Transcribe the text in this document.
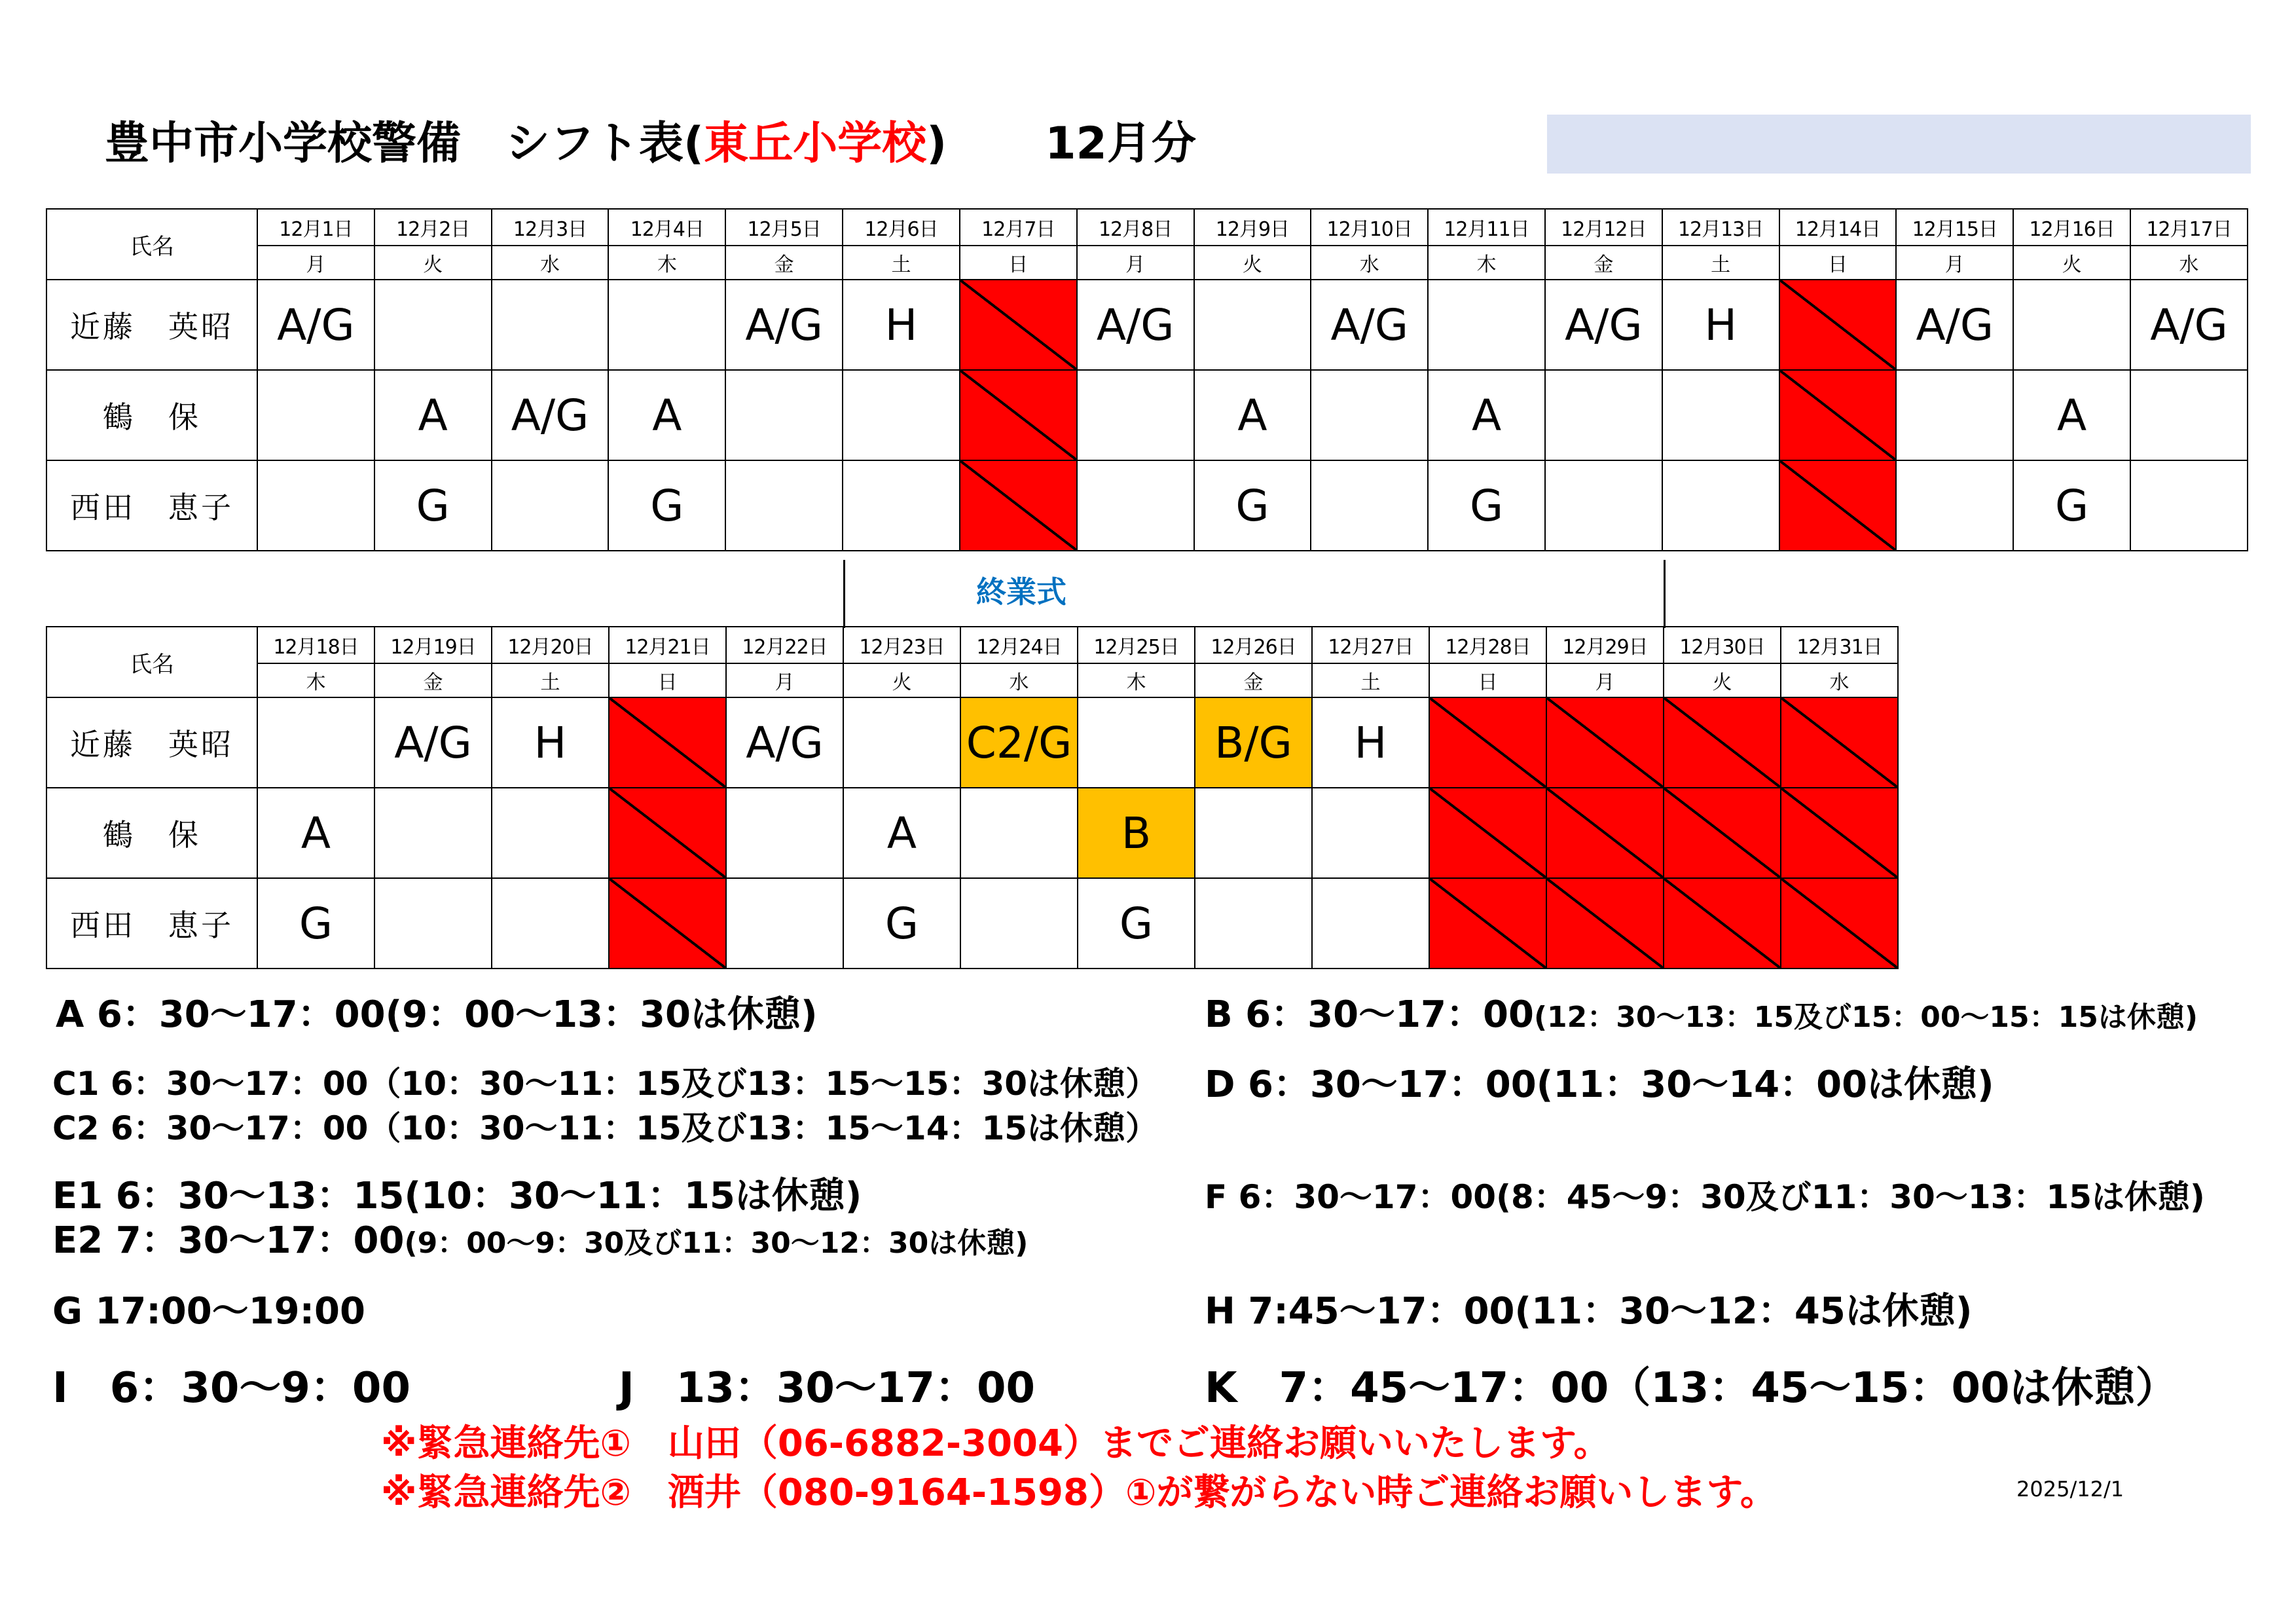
豊中市小学校警備　シフト表(東丘小学校) 12月分
氏名	12月1日	12月2日	12月3日	12月4日	12月5日	12月6日	12月7日	12月8日	12月9日	12月10日	12月11日	12月12日	12月13日	12月14日	12月15日	12月16日	12月17日
	月	火	水	木	金	土	日	月	火	水	木	金	土	日	月	火	水
近藤　英昭	A/G				A/G	H		A/G		A/G		A/G	H		A/G		A/G
鶴　保		A	A/G	A					A		A					A	
西田　恵子		G		G					G		G					G	
終業式
氏名	12月18日	12月19日	12月20日	12月21日	12月22日	12月23日	12月24日	12月25日	12月26日	12月27日	12月28日	12月29日	12月30日	12月31日
	木	金	土	日	月	火	水	木	金	土	日	月	火	水
近藤　英昭		A/G	H		A/G		C2/G		B/G	H				
鶴　保	A					A		B						
西田　恵子	G					G		G						
A 6：30〜17：00(9：00〜13：30は休憩)	B 6：30〜17：00(12：30〜13：15及び15：00〜15：15は休憩)
C1 6：30〜17：00（10：30〜11：15及び13：15〜15：30は休憩）
C2 6：30〜17：00（10：30〜11：15及び13：15〜14：15は休憩）
D 6：30〜17：00(11：30〜14：00は休憩)
E1 6：30〜13：15(10：30〜11：15は休憩)
E2 7：30〜17：00(9：00〜9：30及び11：30〜12：30は休憩)
F 6：30〜17：00(8：45〜9：30及び11：30〜13：15は休憩)
G 17:00〜19:00	H 7:45〜17：00(11：30〜12：45は休憩)
I　6：30〜9：00	J　13：30〜17：00	K　7：45〜17：00（13：45〜15：00は休憩）
※緊急連絡先①　山田（06-6882-3004）までご連絡お願いいたします。
※緊急連絡先②　酒井（080-9164-1598）①が繋がらない時ご連絡お願いします。	2025/12/1
